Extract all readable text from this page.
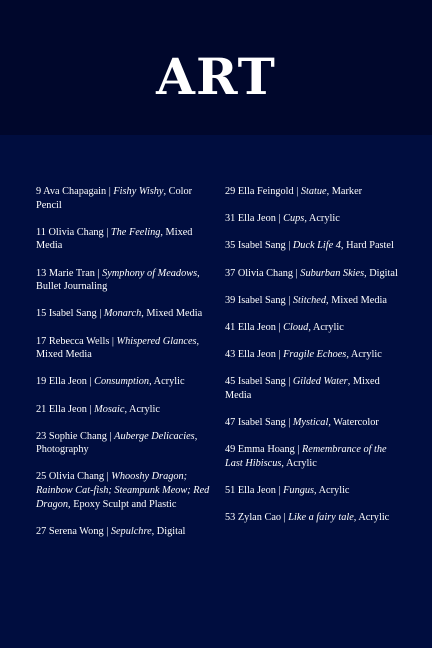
ART
9 Ava Chapagain | Fishy Wishy, Color Pencil
11 Olivia Chang | The Feeling, Mixed Media
13 Marie Tran | Symphony of Meadows, Bullet Journaling
15 Isabel Sang | Monarch, Mixed Media
17 Rebecca Wells | Whispered Glances, Mixed Media
19 Ella Jeon | Consumption, Acrylic
21 Ella Jeon | Mosaic, Acrylic
23 Sophie Chang | Auberge Delicacies, Photography
25 Olivia Chang | Whooshy Dragon; Rainbow Cat-fish; Steampunk Meow; Red Dragon, Epoxy Sculpt and Plastic
27 Serena Wong | Sepulchre, Digital
29 Ella Feingold | Statue, Marker
31 Ella Jeon | Cups, Acrylic
35 Isabel Sang | Duck Life 4, Hard Pastel
37 Olivia Chang | Suburban Skies, Digital
39 Isabel Sang | Stitched, Mixed Media
41 Ella Jeon | Cloud, Acrylic
43 Ella Jeon | Fragile Echoes, Acrylic
45 Isabel Sang | Gilded Water, Mixed Media
47 Isabel Sang | Mystical, Watercolor
49 Emma Hoang | Remembrance of the Last Hibiscus, Acrylic
51 Ella Jeon | Fungus, Acrylic
53 Zylan Cao | Like a fairy tale, Acrylic
